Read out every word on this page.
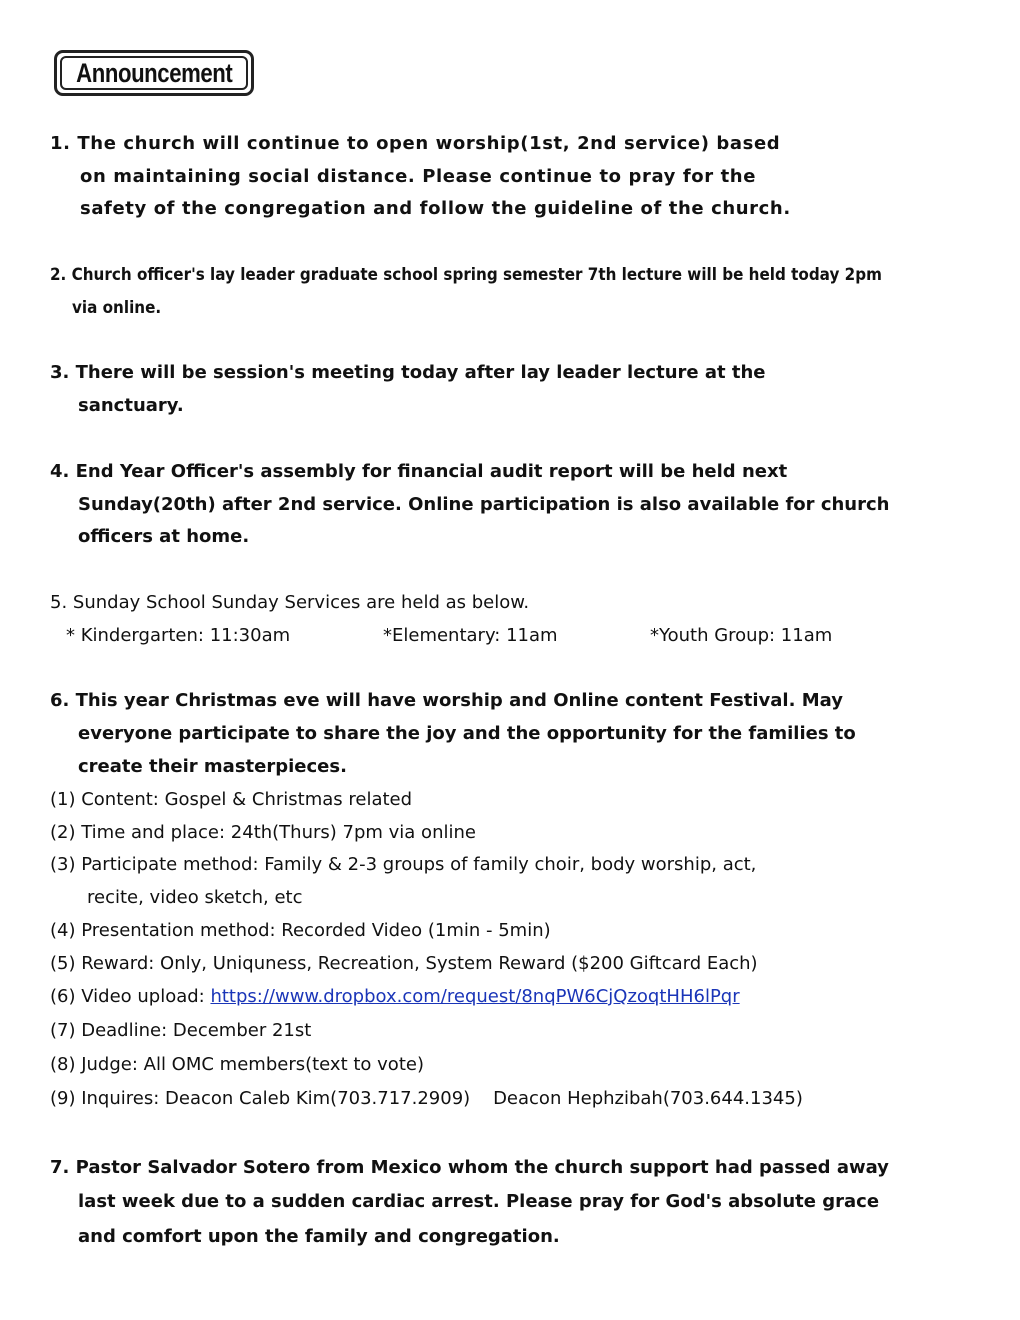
Announcement
1. The church will continue to open worship(1st, 2nd service) based
on maintaining social distance. Please continue to pray for the
safety of the congregation and follow the guideline of the church.
2. Church officer's lay leader graduate school spring semester 7th lecture will be held today 2pm
via online.
3. There will be session's meeting today after lay leader lecture at the
sanctuary.
4. End Year Officer's assembly for financial audit report will be held next
Sunday(20th) after 2nd service. Online participation is also available for church
officers at home.
5. Sunday School Sunday Services are held as below.
* Kindergarten: 11:30am	*Elementary: 11am	*Youth Group: 11am
6. This year Christmas eve will have worship and Online content Festival. May
everyone participate to share the joy and the opportunity for the families to
create their masterpieces.
(1) Content: Gospel & Christmas related
(2) Time and place: 24th(Thurs) 7pm via online
(3) Participate method: Family & 2-3 groups of family choir, body worship, act,
recite, video sketch, etc
(4) Presentation method: Recorded Video (1min - 5min)
(5) Reward: Only, Uniquness, Recreation, System Reward ($200 Giftcard Each)
(6) Video upload: https://www.dropbox.com/request/8nqPW6CjQzoqtHH6lPqr
(7) Deadline: December 21st
(8) Judge: All OMC members(text to vote)
(9) Inquires: Deacon Caleb Kim(703.717.2909)    Deacon Hephzibah(703.644.1345)
7. Pastor Salvador Sotero from Mexico whom the church support had passed away
last week due to a sudden cardiac arrest. Please pray for God's absolute grace
and comfort upon the family and congregation.
